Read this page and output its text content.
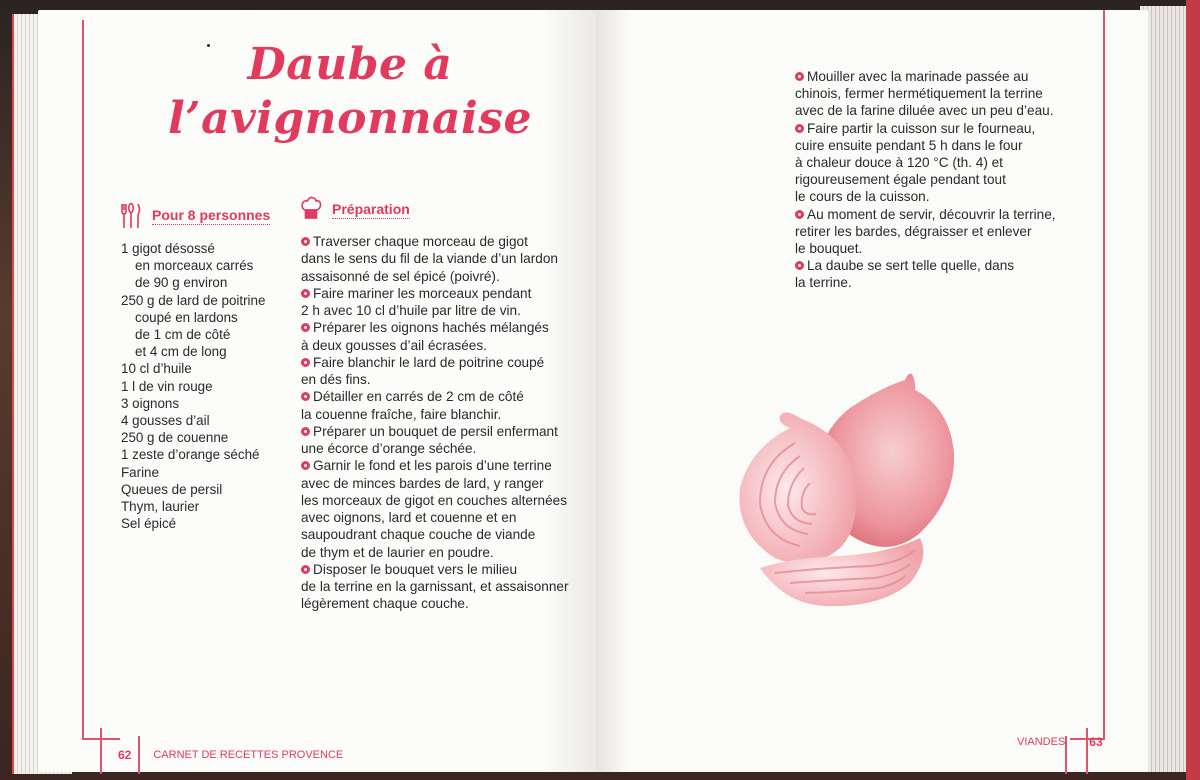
Daube à
l’avignonnaise
Pour 8 personnes
1 gigot désossé
en morceaux carrés
de 90 g environ
250 g de lard de poitrine
coupé en lardons
de 1 cm de côté
et 4 cm de long
10 cl d’huile
1 l de vin rouge
3 oignons
4 gousses d’ail
250 g de couenne
1 zeste d’orange séché
Farine
Queues de persil
Thym, laurier
Sel épicé
Préparation
Traverser chaque morceau de gigot
dans le sens du fil de la viande d’un lardon
assaisonné de sel épicé (poivré).
Faire mariner les morceaux pendant
2 h avec 10 cl d’huile par litre de vin.
Préparer les oignons hachés mélangés
à deux gousses d’ail écrasées.
Faire blanchir le lard de poitrine coupé
en dés fins.
Détailler en carrés de 2 cm de côté
la couenne fraîche, faire blanchir.
Préparer un bouquet de persil enfermant
une écorce d’orange séchée.
Garnir le fond et les parois d’une terrine
avec de minces bardes de lard, y ranger
les morceaux de gigot en couches alternées
avec oignons, lard et couenne et en
saupoudrant chaque couche de viande
de thym et de laurier en poudre.
Disposer le bouquet vers le milieu
de la terrine en la garnissant, et assaisonner
légèrement chaque couche.
Mouiller avec la marinade passée au
chinois, fermer hermétiquement la terrine
avec de la farine diluée avec un peu d’eau.
Faire partir la cuisson sur le fourneau,
cuire ensuite pendant 5 h dans le four
à chaleur douce à 120 °C (th. 4) et
rigoureusement égale pendant tout
le cours de la cuisson.
Au moment de servir, découvrir la terrine,
retirer les bardes, dégraisser et enlever
le bouquet.
La daube se sert telle quelle, dans
la terrine.
62 CARNET DE RECETTES PROVENCE
VIANDES 63
